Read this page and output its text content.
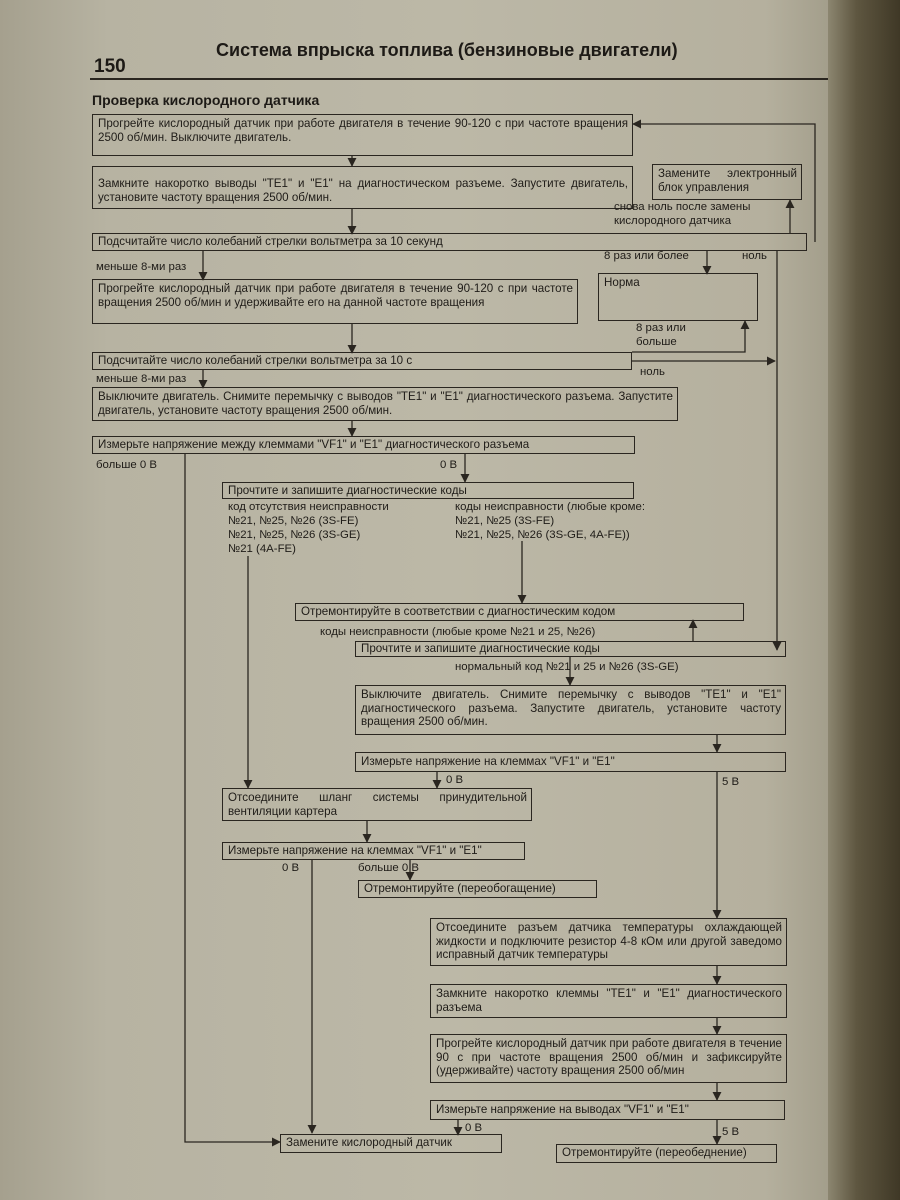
150
Система впрыска топлива (бензиновые двигатели)
Проверка кислородного датчика
Прогрейте кислородный датчик при работе двигателя в течение 90-120 с при частоте вращения 2500 об/мин. Выключите двигатель.
Замкните накоротко выводы "TE1" и "E1" на диагностическом разъеме. Запустите двигатель, установите частоту вращения 2500 об/мин.
Замените электронный блок управления
Подсчитайте число колебаний стрелки вольтметра за 10 секунд
Прогрейте кислородный датчик при работе двигателя в течение 90-120 с при частоте вращения 2500 об/мин и удерживайте его на данной частоте вращения
Норма
Подсчитайте число колебаний стрелки вольтметра за 10 с
Выключите двигатель. Снимите перемычку с выводов "TE1" и "E1" диагностического разъема. Запустите двигатель, установите частоту вращения 2500 об/мин.
Измерьте напряжение между клеммами "VF1" и "E1" диагностического разъема
Прочтите и запишите диагностические коды
Отремонтируйте в соответствии с диагностическим кодом
Прочтите и запишите диагностические коды
Выключите двигатель. Снимите перемычку с выводов "TE1" и "E1" диагностического разъема. Запустите двигатель, установите частоту вращения 2500 об/мин.
Измерьте напряжение на клеммах "VF1" и "E1"
Отсоедините шланг системы принудительной вентиляции картера
Измерьте напряжение на клеммах "VF1" и "E1"
Отремонтируйте (переобогащение)
Отсоедините разъем датчика температуры охлаждающей жидкости и подключите резистор 4-8 кОм или другой заведомо исправный датчик температуры
Замкните накоротко клеммы "TE1" и "E1" диагностического разъема
Прогрейте кислородный датчик при работе двигателя в течение 90 с при частоте вращения 2500 об/мин и зафиксируйте (удерживайте) частоту вращения 2500 об/мин
Измерьте напряжение на выводах "VF1" и "E1"
Замените кислородный датчик
Отремонтируйте (переобеднение)
снова ноль после замены
кислородного датчика
меньше 8-ми раз
8 раз или более	ноль
8 раз или
больше
меньше 8-ми раз
ноль
больше 0 В	0 В
код отсутствия неисправности
№21, №25, №26 (3S-FE)
№21, №25, №26 (3S-GE)
№21 (4A-FE)
коды неисправности (любые кроме:
№21, №25 (3S-FE)
№21, №25, №26 (3S-GE, 4A-FE))
коды неисправности (любые кроме №21 и 25, №26)
нормальный код №21 и 25 и №26 (3S-GE)
0 В	5 В
0 В	больше 0 В
0 В	5 В
